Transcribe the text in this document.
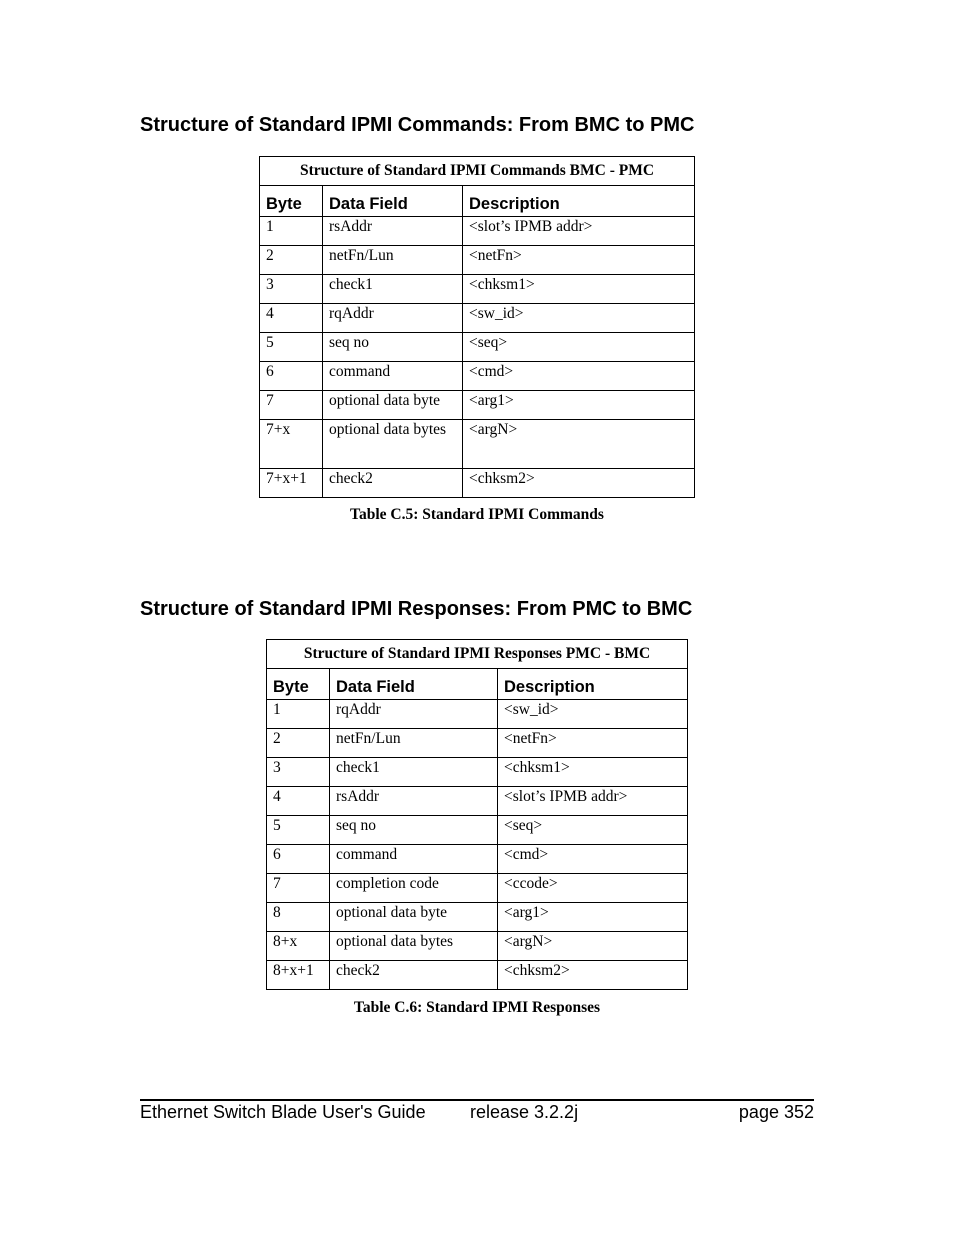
Structure of Standard IPMI Commands: From BMC to PMC
Structure of Standard IPMI Commands BMC - PMC		
Byte	Data Field	Description
1	rsAddr	<slot’s IPMB addr>
2	netFn/Lun	<netFn>
3	check1	<chksm1>
4	rqAddr	<sw_id>
5	seq no	<seq>
6	command	<cmd>
7	optional data byte	<arg1>
7+x	optional data bytes	<argN>
7+x+1	check2	<chksm2>

Table C.5: Standard IPMI Commands

Structure of Standard IPMI Responses: From PMC to BMC
Structure of Standard IPMI Responses PMC - BMC		
Byte	Data Field	Description
1	rqAddr	<sw_id>
2	netFn/Lun	<netFn>
3	check1	<chksm1>
4	rsAddr	<slot’s IPMB addr>
5	seq no	<seq>
6	command	<cmd>
7	completion code	<ccode>
8	optional data byte	<arg1>
8+x	optional data bytes	<argN>
8+x+1	check2	<chksm2>

Table C.6: Standard IPMI Responses

Ethernet Switch Blade User's Guide release 3.2.2j	page 352
